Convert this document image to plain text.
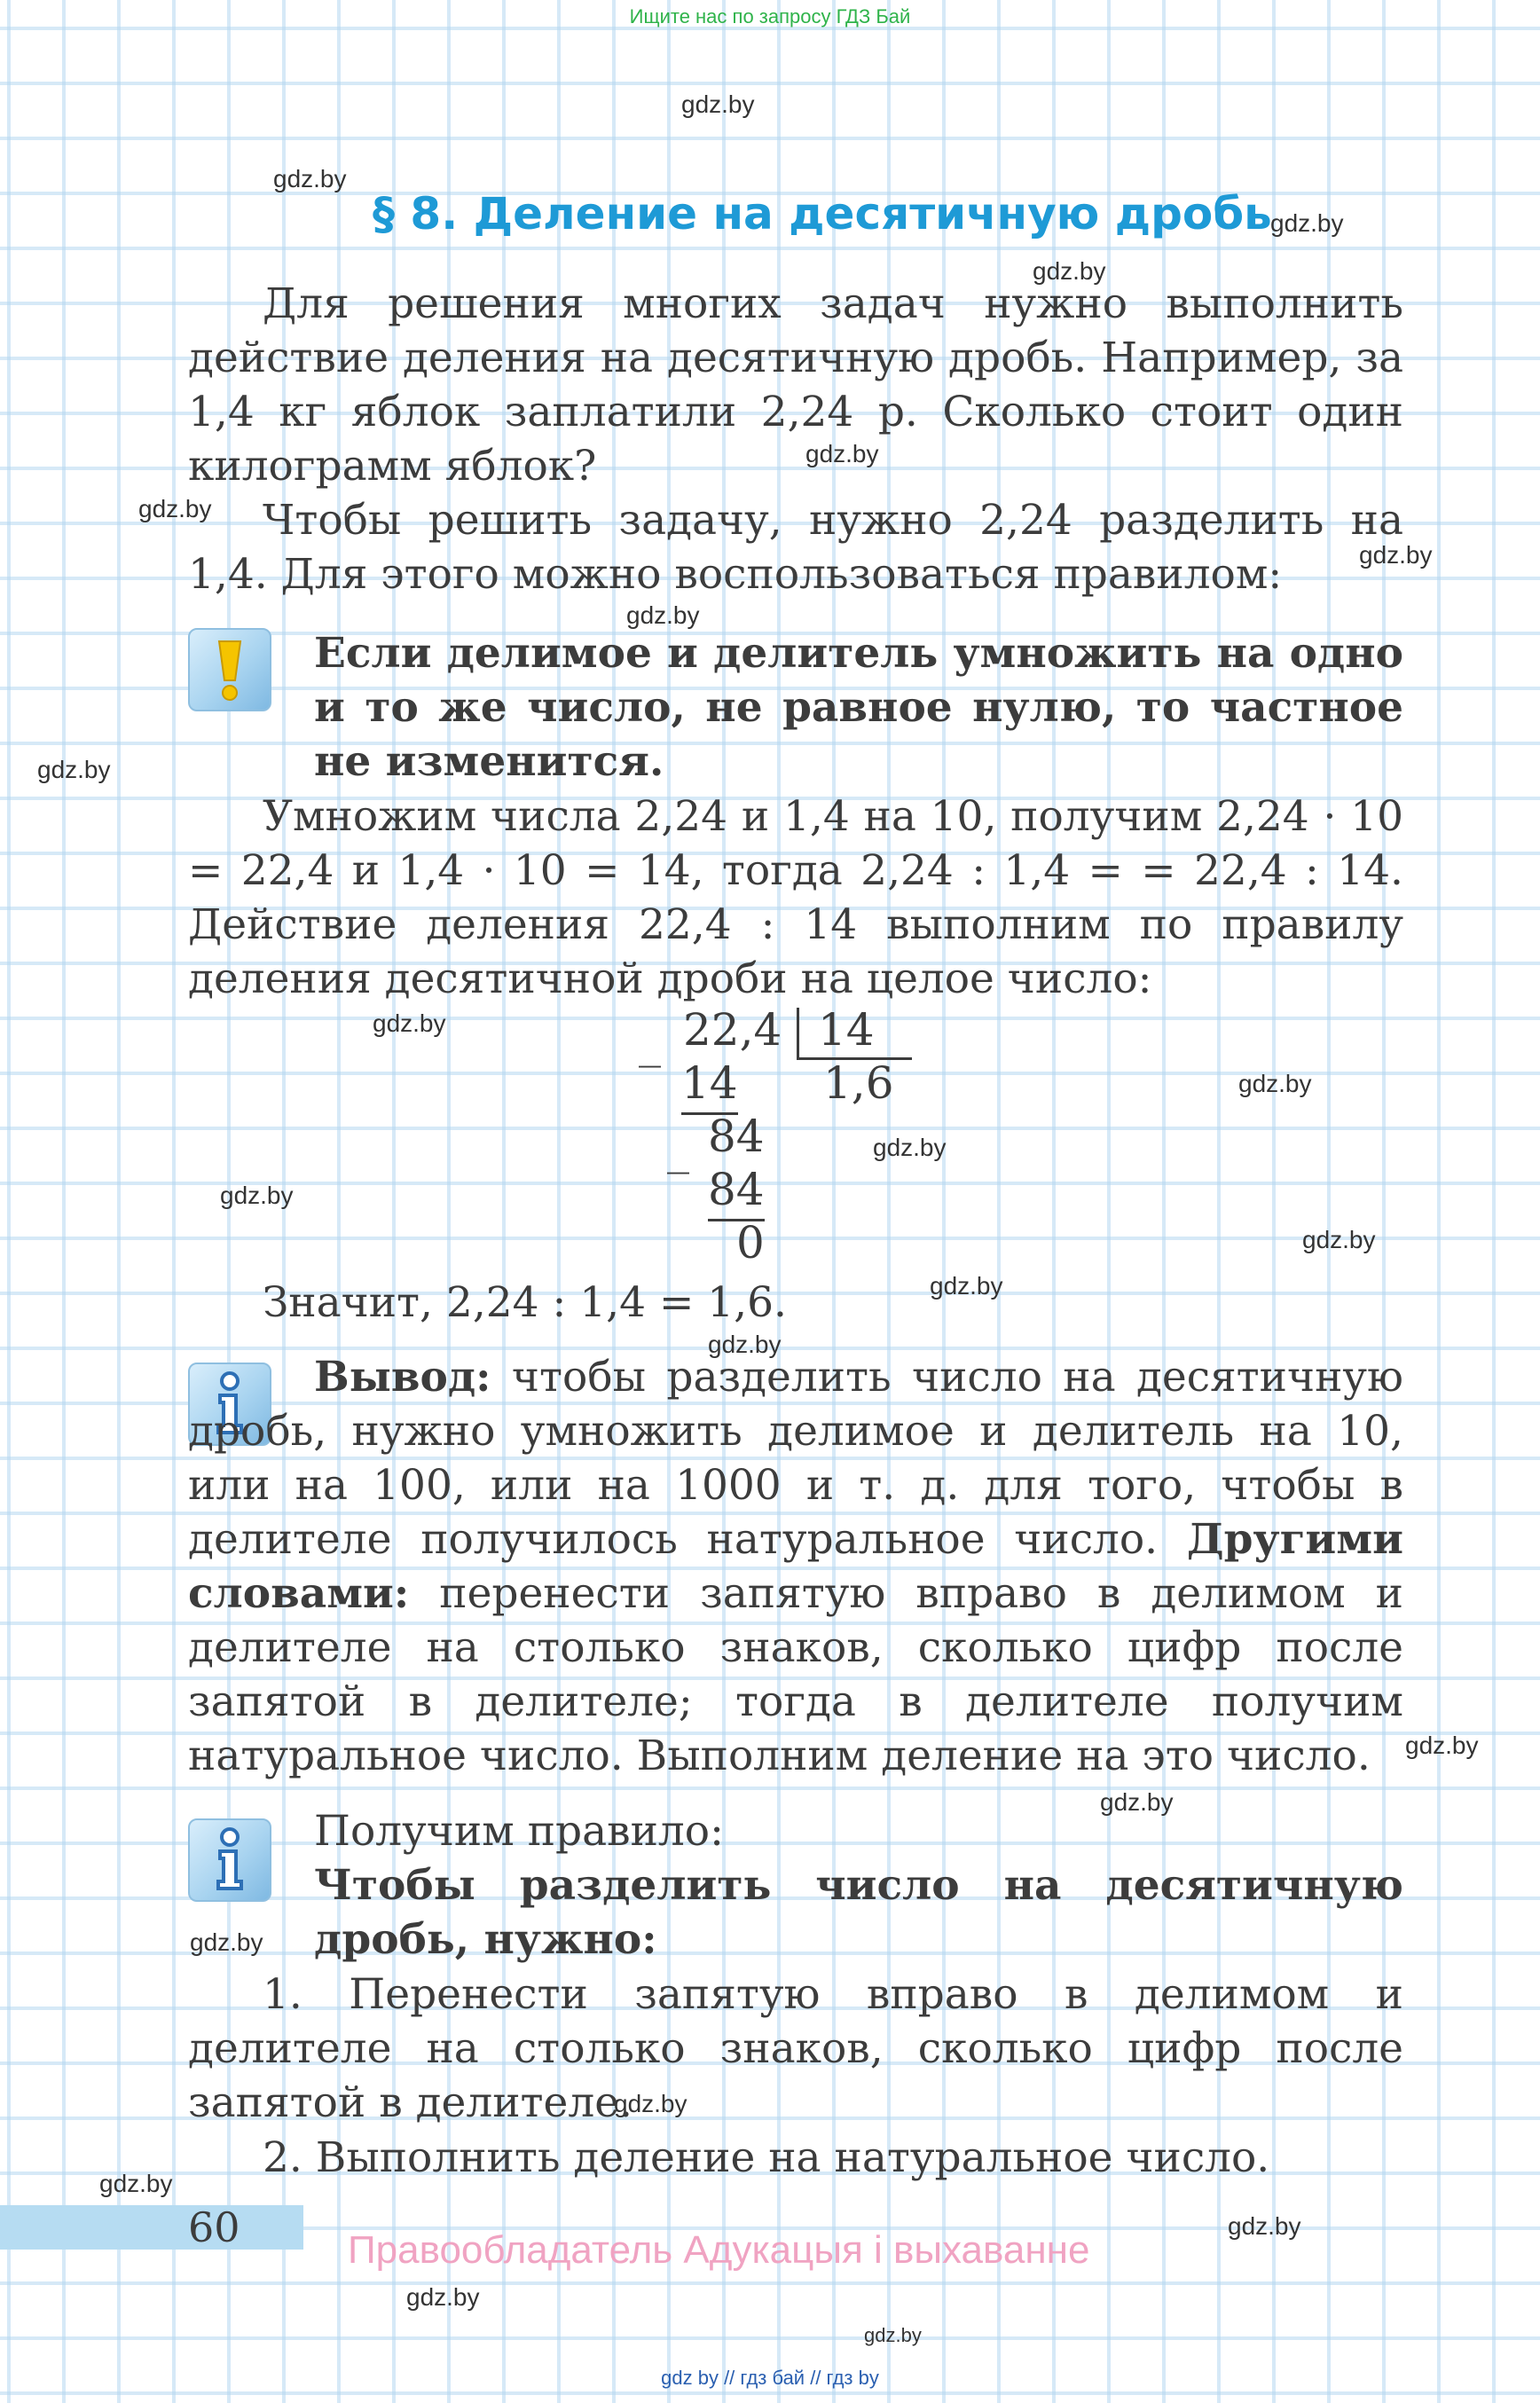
Ищите нас по запросу ГДЗ Бай
gdz.by
gdz.by
gdz.by
gdz.by
gdz.by
gdz.by
gdz.by
gdz.by
gdz.by
gdz.by
gdz.by
gdz.by
gdz.by
gdz.by
gdz.by
gdz.by
gdz.by
gdz.by
gdz.by
gdz.by
gdz.by
gdz.by
gdz.by
gdz.by
§ 8. Деление на десятичную дробь
Для решения многих задач нужно выполнить действие деления на десятичную дробь. Например, за 1,4 кг яблок заплатили 2,24 р. Сколько стоит один килограмм яблок?
Чтобы решить задачу, нужно 2,24 разделить на 1,4. Для этого можно воспользоваться правилом:
Если делимое и делитель умножить на одно и то же число, не равное нулю, то частное не изменится.
Умножим числа 2,24 и 1,4 на 10, получим 2,24 · 10 = 22,4 и 1,4 · 10 = 14, тогда 2,24 : 1,4 = = 22,4 : 14. Действие деления 22,4 : 14 выполним по правилу деления десятичной дроби на целое число:
22,4 14
1,6
_
14
84
_
84
0
Значит, 2,24 : 1,4 = 1,6.
Вывод: чтобы разделить число на десятичную дробь, нужно умножить делимое и делитель на 10, или на 100, или на 1000 и т. д. для того, чтобы в делителе получилось натуральное число. Другими словами: перенести запятую вправо в делимом и делителе на столько знаков, сколько цифр после запятой в делителе; тогда в делителе получим натуральное число. Выполним деление на это число.
Получим правило:
Чтобы разделить число на десятичную дробь, нужно:
1. Перенести запятую вправо в делимом и делителе на столько знаков, сколько цифр после запятой в делителе.
2. Выполнить деление на натуральное число.
60	Правообладатель Адукацыя і выхаванне
gdz by // гдз бай // гдз by
